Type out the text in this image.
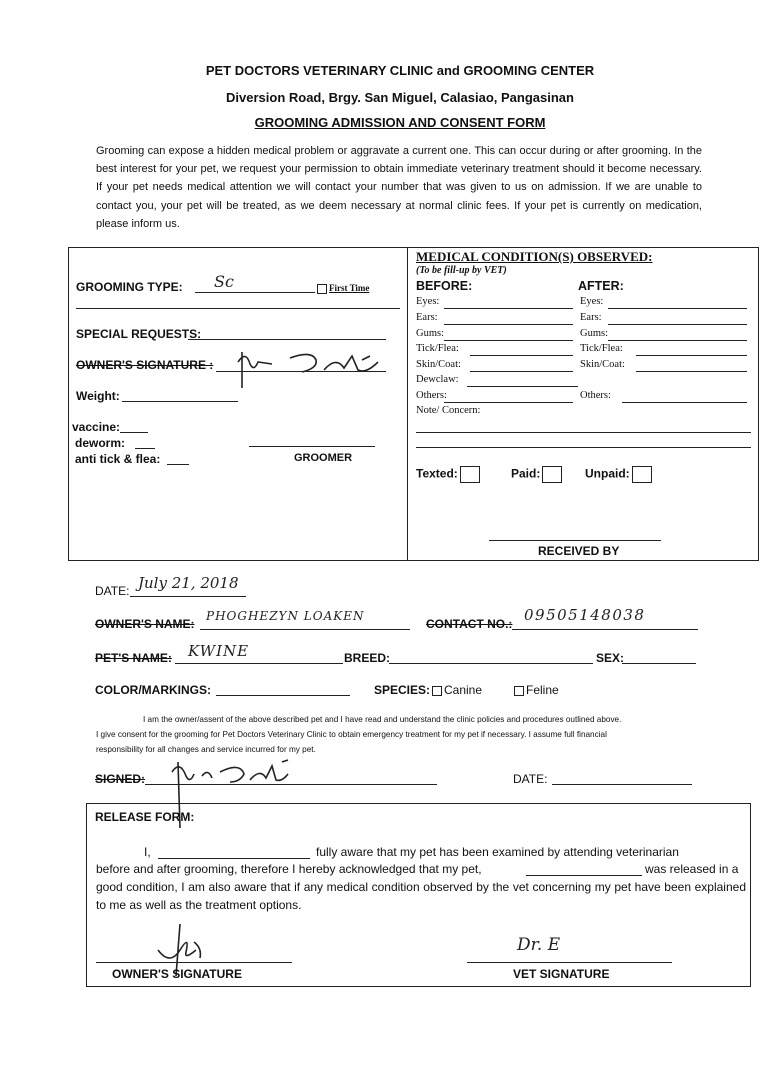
PET DOCTORS VETERINARY CLINIC and GROOMING CENTER
Diversion Road, Brgy. San Miguel, Calasiao, Pangasinan
GROOMING ADMISSION AND CONSENT FORM
Grooming can expose a hidden medical problem or aggravate a current one. This can occur during or after grooming. In the best interest for your pet, we request your permission to obtain immediate veterinary treatment should it become necessary. If your pet needs medical attention we will contact your number that was given to us on admission. If we are unable to contact you, your pet will be treated, as we deem necessary at normal clinic fees. If your pet is currently on medication, please inform us.
GROOMING TYPE: Sc	First Time
SPECIAL REQUESTS:
OWNER'S SIGNATURE :
Weight:
vaccine:
deworm:
anti tick & flea:	GROOMER
MEDICAL CONDITION(S) OBSERVED:
(To be fill-up by VET)
BEFORE:	AFTER:
Eyes:	Eyes:
Ears:	Ears:
Gums:	Gums:
Tick/Flea:	Tick/Flea:
Skin/Coat:	Skin/Coat:
Dewclaw:
Others:	Others:
Note/ Concern:
Texted:	Paid:	Unpaid:
RECEIVED BY
DATE: July 21, 2018
OWNER'S NAME:
PHOGHEZYN LOAKEN
CONTACT NO.: 09505148038
PET'S NAME: KWINE	BREED:	SEX:
COLOR/MARKINGS:	SPECIES:	Canine	Feline
I am the owner/assent of the above described pet and I have read and understand the clinic policies and procedures outlined above.
I give consent for the grooming for Pet Doctors Veterinary Clinic to obtain emergency treatment for my pet if necessary. I assume full financial
responsibility for all changes and service incurred for my pet.
SIGNED:	DATE:
RELEASE FORM:
I,	fully aware that my pet has been examined by attending veterinarian
before and after grooming, therefore I hereby acknowledged that my pet,	was released in a
good condition, I am also aware that if any medical condition observed by the vet concerning my pet have been explained to me as well as the treatment options.
OWNER'S SIGNATURE
Dr. E
VET SIGNATURE
